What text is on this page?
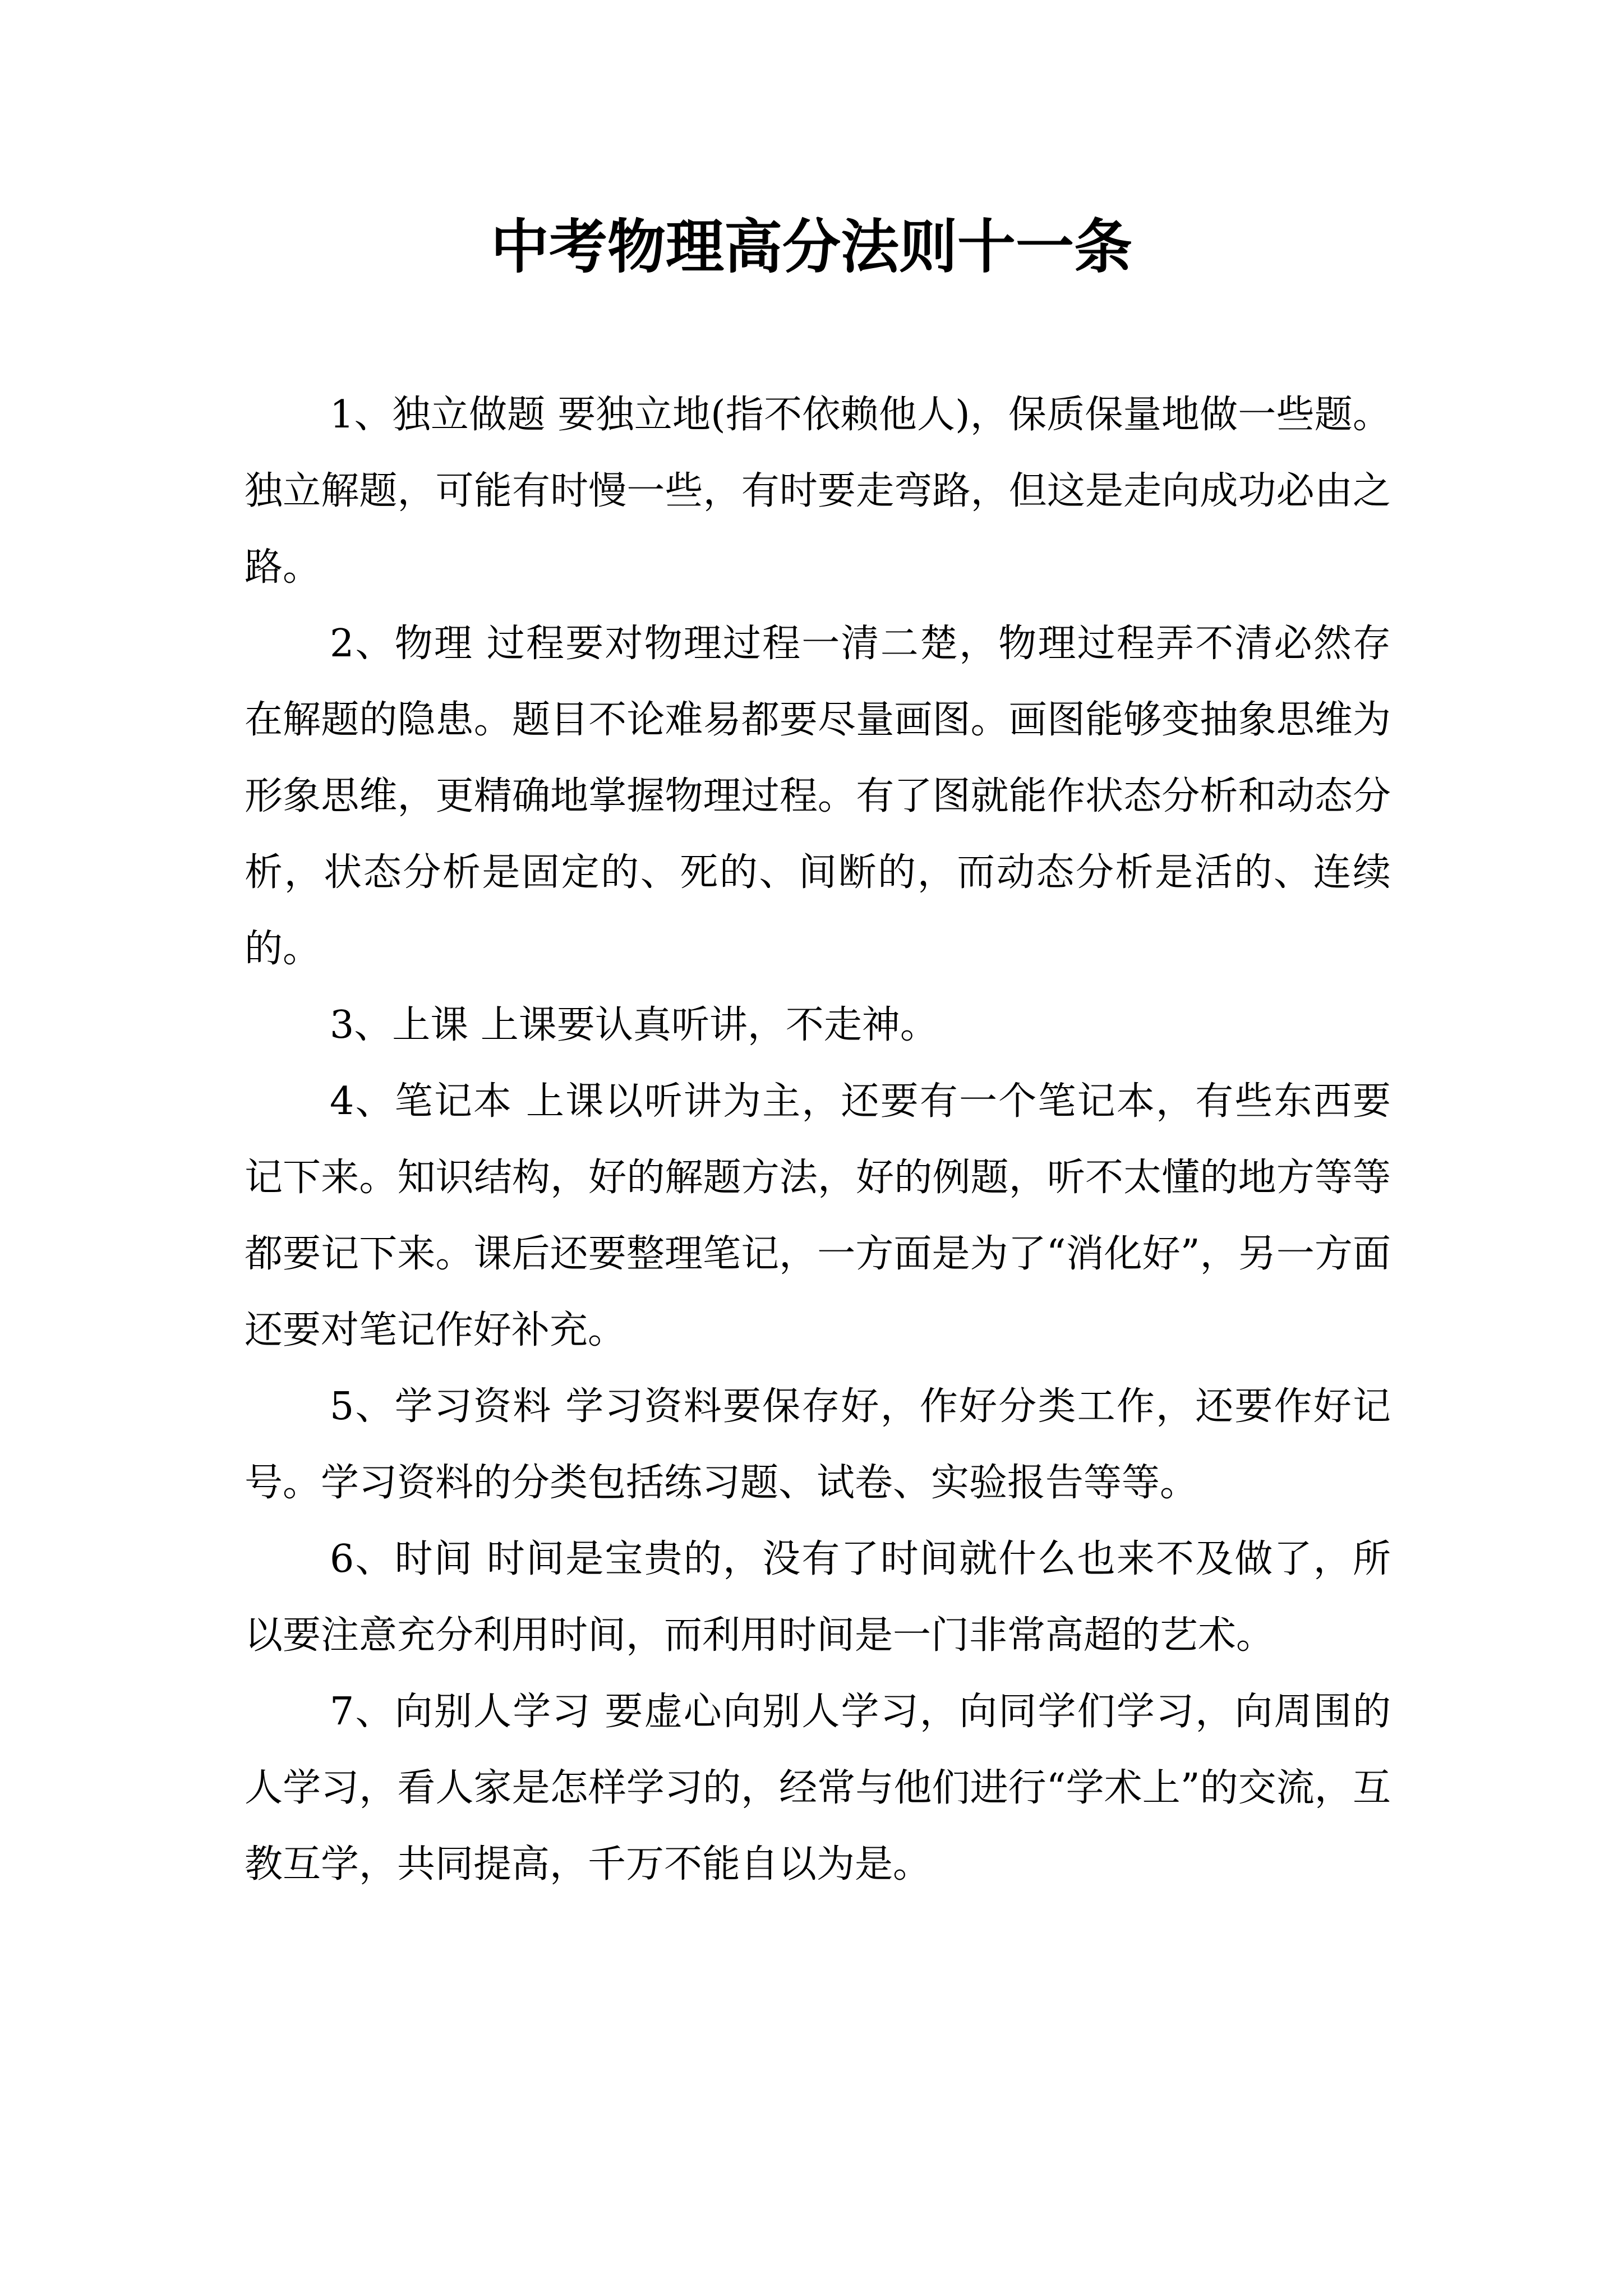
中考物理高分法则十一条

1、独立做题 要独立地(指不依赖他人)，保质保量地做一些题。独立解题，可能有时慢一些，有时要走弯路，但这是走向成功必由之路。

2、物理 过程要对物理过程一清二楚，物理过程弄不清必然存在解题的隐患。题目不论难易都要尽量画图。画图能够变抽象思维为形象思维，更精确地掌握物理过程。有了图就能作状态分析和动态分析，状态分析是固定的、死的、间断的，而动态分析是活的、连续的。

3、上课 上课要认真听讲，不走神。

4、笔记本 上课以听讲为主，还要有一个笔记本，有些东西要记下来。知识结构，好的解题方法，好的例题，听不太懂的地方等等都要记下来。课后还要整理笔记，一方面是为了“消化好”，另一方面还要对笔记作好补充。

5、学习资料 学习资料要保存好，作好分类工作，还要作好记号。学习资料的分类包括练习题、试卷、实验报告等等。

6、时间 时间是宝贵的，没有了时间就什么也来不及做了，所以要注意充分利用时间，而利用时间是一门非常高超的艺术。

7、向别人学习 要虚心向别人学习，向同学们学习，向周围的人学习，看人家是怎样学习的，经常与他们进行“学术上”的交流，互教互学，共同提高，千万不能自以为是。
